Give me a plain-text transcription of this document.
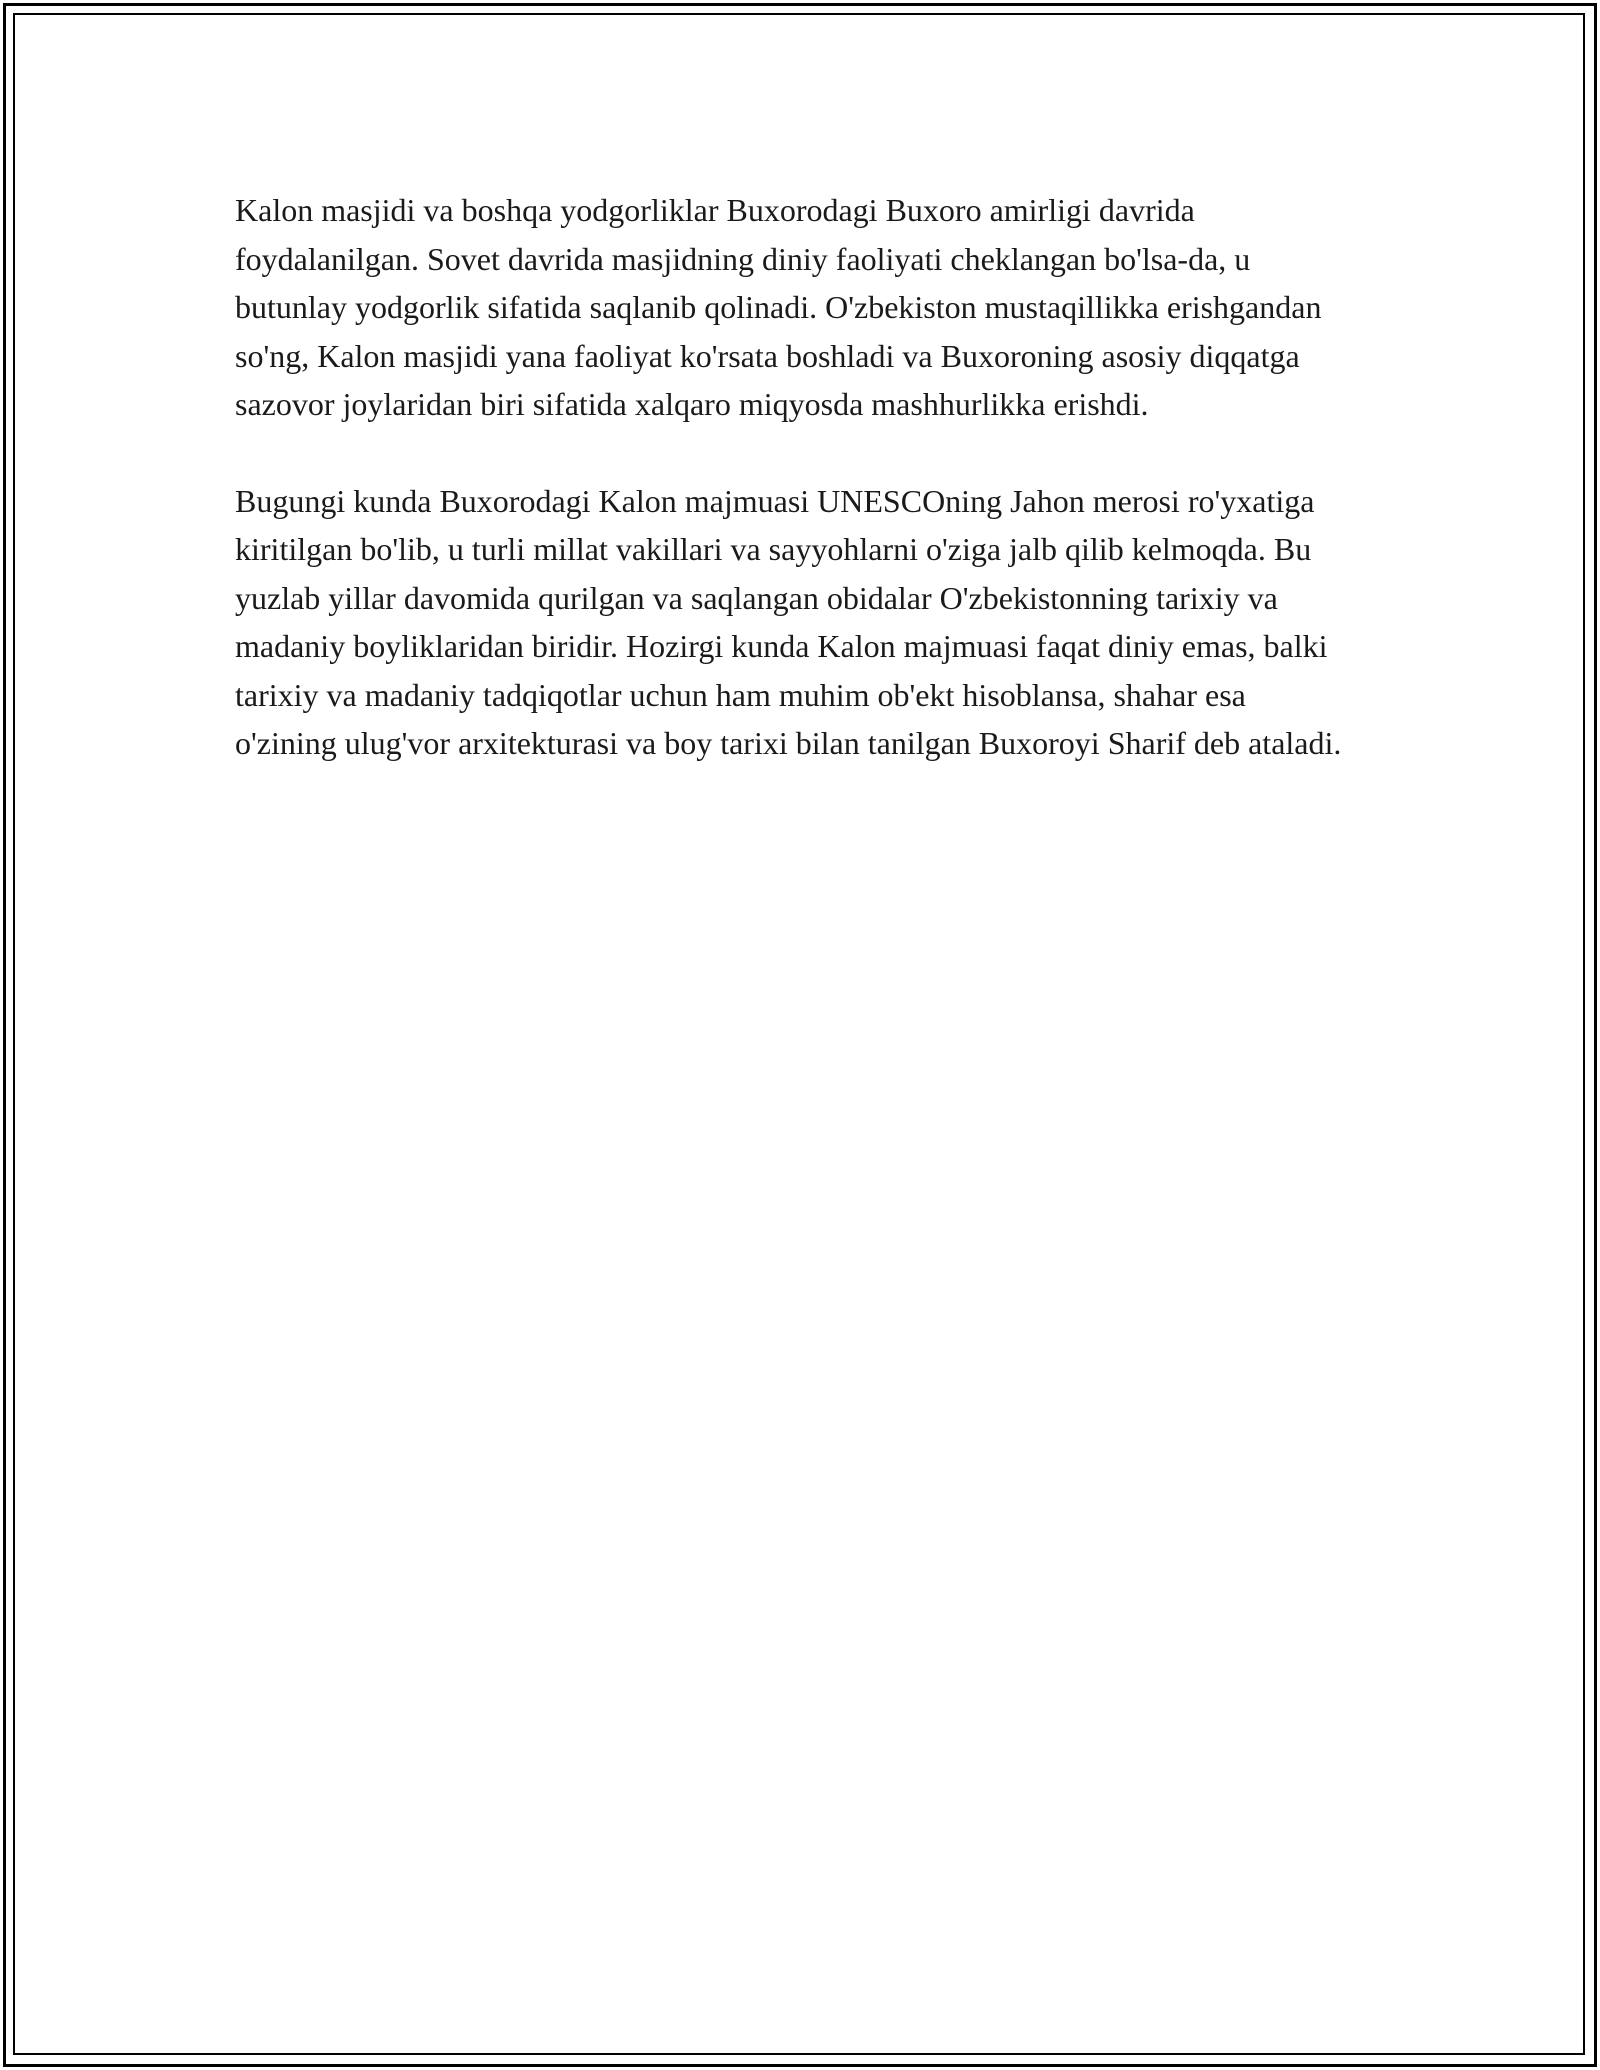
Kalon masjidi va boshqa yodgorliklar Buxorodagi Buxoro amirligi davrida foydalanilgan. Sovet davrida masjidning diniy faoliyati cheklangan bo'lsa-da, u butunlay yodgorlik sifatida saqlanib qolinadi. O'zbekiston mustaqillikka erishgandan so'ng, Kalon masjidi yana faoliyat ko'rsata boshladi va Buxoroning asosiy diqqatga sazovor joylaridan biri sifatida xalqaro miqyosda mashhurlikka erishdi.

Bugungi kunda Buxorodagi Kalon majmuasi UNESCOning Jahon merosi ro'yxatiga kiritilgan bo'lib, u turli millat vakillari va sayyohlarni o'ziga jalb qilib kelmoqda. Bu yuzlab yillar davomida qurilgan va saqlangan obidalar O'zbekistonning tarixiy va madaniy boyliklaridan biridir. Hozirgi kunda Kalon majmuasi faqat diniy emas, balki tarixiy va madaniy tadqiqotlar uchun ham muhim ob'ekt hisoblansa, shahar esa o'zining ulug'vor arxitekturasi va boy tarixi bilan tanilgan Buxoroyi Sharif deb ataladi.
